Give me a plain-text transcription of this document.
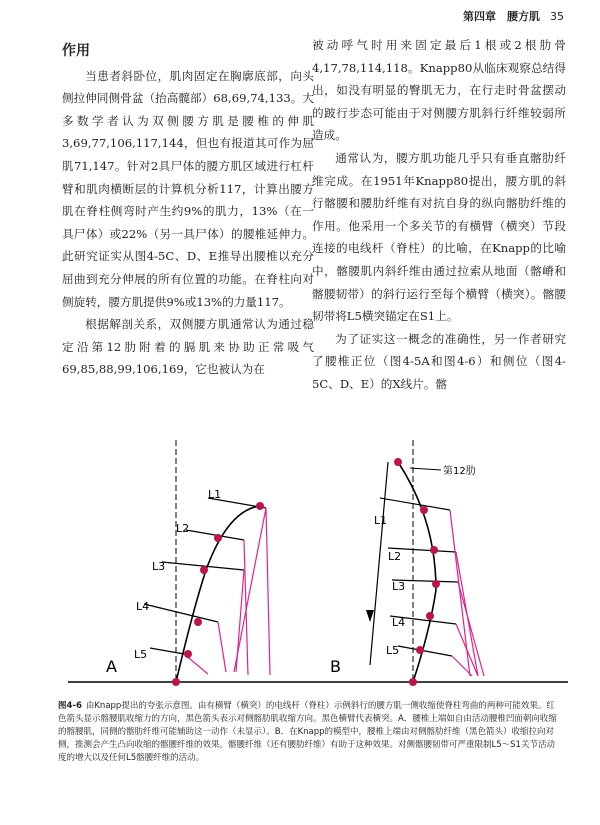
第四章　腰方肌 35
作用

当患者斜卧位，肌肉固定在胸廓底部，向头侧拉伸同侧骨盆（抬高髋部）68,69,74,133。大多数学者认为双侧腰方肌是腰椎的伸肌3,69,77,106,117,144，但也有报道其可作为屈肌71,147。针对2具尸体的腰方肌区域进行杠杆臂和肌肉横断层的计算机分析117，计算出腰方肌在脊柱侧弯时产生约9%的肌力，13%（在一具尸体）或22%（另一具尸体）的腰椎延伸力。此研究证实从图4-5C、D、E推导出腰椎以充分屈曲到充分伸展的所有位置的功能。在脊柱向对侧旋转，腰方肌提供9%或13%的力量117。

根据解剖关系，双侧腰方肌通常认为通过稳定沿第12肋附着的膈肌来协助正常吸气69,85,88,99,106,169，它也被认为在

被动呼气时用来固定最后1根或2根肋骨4,17,78,114,118。Knapp80从临床观察总结得出，如没有明显的臀肌无力，在行走时骨盆摆动的跛行步态可能由于对侧腰方肌斜行纤维较弱所造成。

通常认为，腰方肌功能几乎只有垂直髂肋纤维完成。在1951年Knapp80提出，腰方肌的斜行髂腰和腰肋纤维有对抗自身的纵向髂肋纤维的作用。他采用一个多关节的有横臂（横突）节段连接的电线杆（脊柱）的比喻，在Knapp的比喻中，髂腰肌内斜纤维由通过拉索从地面（髂嵴和髂腰韧带）的斜行运行至每个横臂（横突）。髂腰韧带将L5横突锚定在S1上。

为了证实这一概念的准确性，另一作者研究了腰椎正位（图4-5A和图4-6）和侧位（图4-5C、D、E）的X线片。髂

L1
L2
L3
L4
L5
A
第12肋
L1
L2
L3
L4
L5
B
图4-6 由Knapp提出的夸张示意图。由有横臂（横突）的电线杆（脊柱）示例斜行的腰方肌一侧收缩使脊柱弯曲的两种可能效果。红色箭头显示髂腰肌收缩力的方向，黑色箭头表示对侧髂肋肌收缩方向。黑色横臂代表横突。A．腰椎上端如自由活动腰椎凹面朝向收缩的髂腰肌，同侧的髂肋纤维可能辅助这一动作（未显示）。B．在Knapp的模型中，腰椎上端由对侧髂肋纤维（黑色箭头）收缩拉向对侧，推测会产生凸向收缩的髂腰纤维的效果。髂腰纤维（还有腰肋纤维）有助于这种效果。对侧髂腰韧带可严重限制L5～S1关节活动度的增大以及任何L5髂腰纤维的活动。
